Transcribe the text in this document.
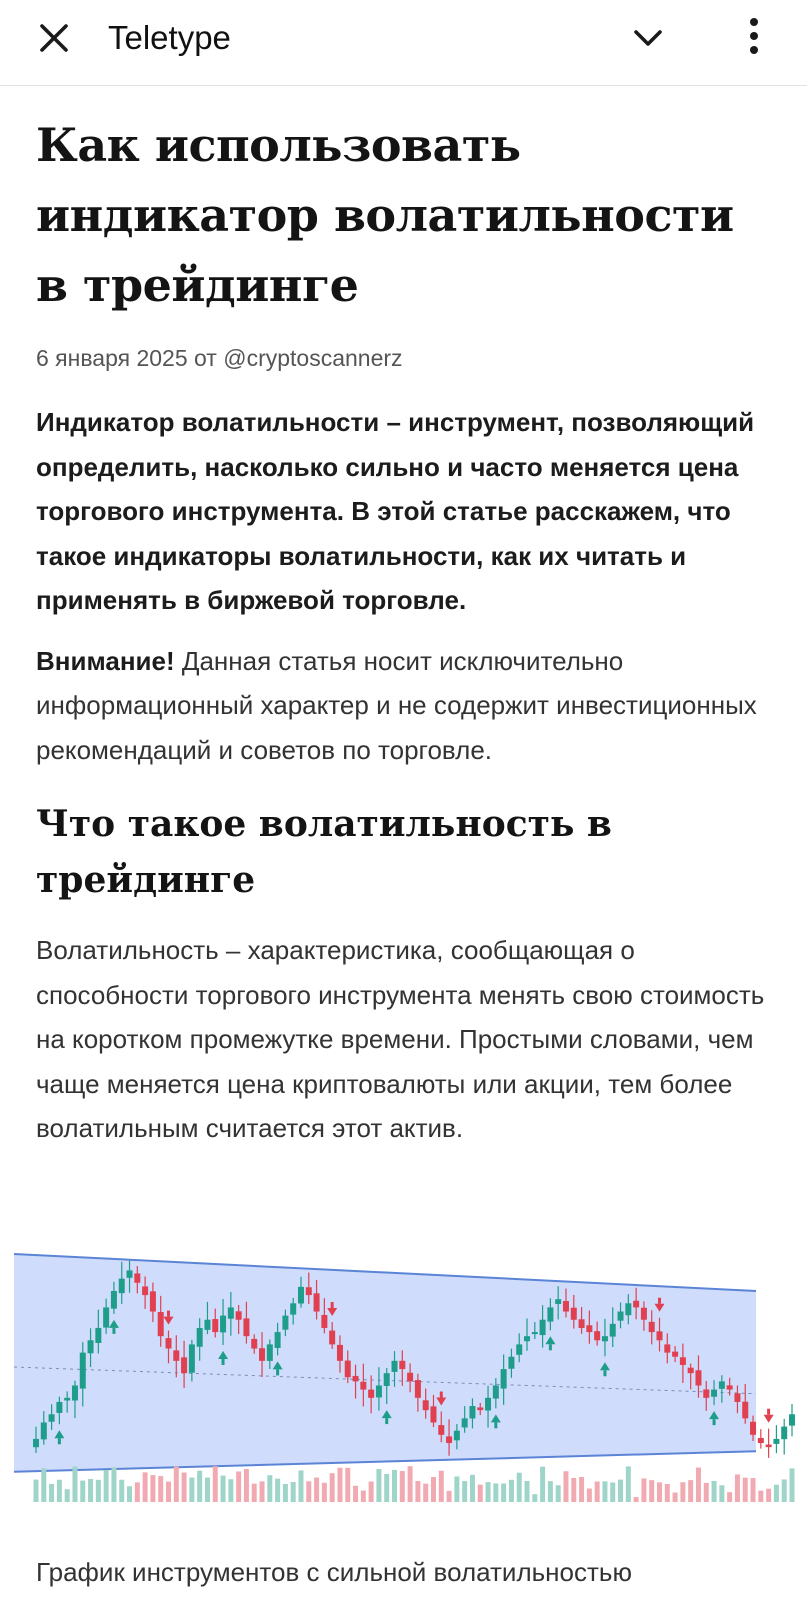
Teletype
Как использовать индикатор волатильности в трейдинге
6 января 2025 от @cryptoscannerz
Индикатор волатильности – инструмент, позволяющий определить, насколько сильно и часто меняется цена торгового инструмента. В этой статье расскажем, что такое индикаторы волатильности, как их читать и применять в биржевой торговле.
Внимание! Данная статья носит исключительно информационный характер и не содержит инвестиционных рекомендаций и советов по торговле.
Что такое волатильность в трейдинге
Волатильность – характеристика, сообщающая о способности торгового инструмента менять свою стоимость на коротком промежутке времени. Простыми словами, чем чаще меняется цена криптовалюты или акции, тем более волатильным считается этот актив.
График инструментов с сильной волатильностью
